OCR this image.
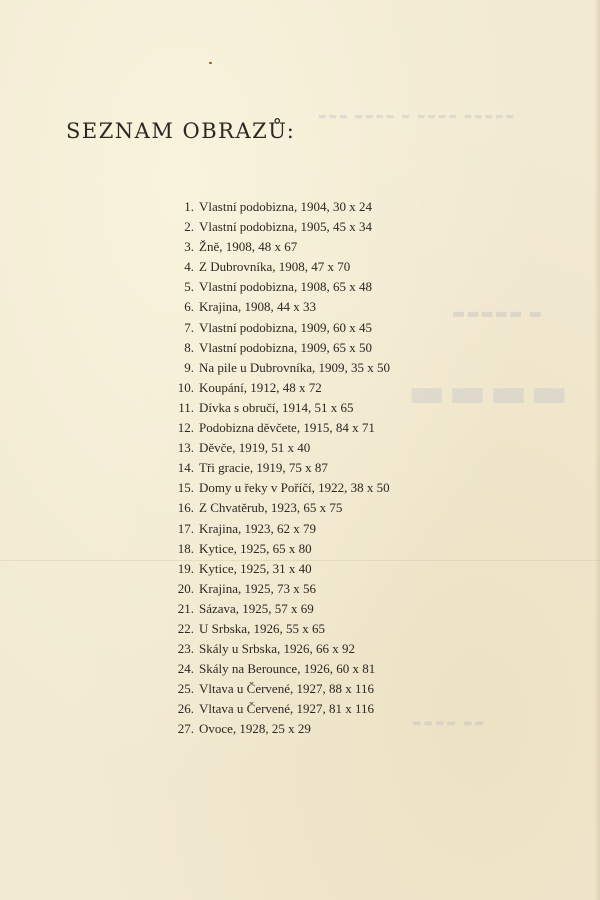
▬▬▬ ▬▬▬▬ ▬ ▬▬▬▬ ▬▬▬▬▬
▬▬▬▬▬ ▬
▬▬▬▬
▬▬▬▬ ▬▬
SEZNAM OBRAZŮ:
1. Vlastní podobizna, 1904, 30 x 24
2. Vlastní podobizna, 1905, 45 x 34
3. Žně, 1908, 48 x 67
4. Z Dubrovníka, 1908, 47 x 70
5. Vlastní podobizna, 1908, 65 x 48
6. Krajina, 1908, 44 x 33
7. Vlastní podobizna, 1909, 60 x 45
8. Vlastní podobizna, 1909, 65 x 50
9. Na pile u Dubrovníka, 1909, 35 x 50
10. Koupání, 1912, 48 x 72
11. Dívka s obručí, 1914, 51 x 65
12. Podobizna děvčete, 1915, 84 x 71
13. Děvče, 1919, 51 x 40
14. Tři gracie, 1919, 75 x 87
15. Domy u řeky v Poříčí, 1922, 38 x 50
16. Z Chvatěrub, 1923, 65 x 75
17. Krajina, 1923, 62 x 79
18. Kytice, 1925, 65 x 80
19. Kytice, 1925, 31 x 40
20. Krajina, 1925, 73 x 56
21. Sázava, 1925, 57 x 69
22. U Srbska, 1926, 55 x 65
23. Skály u Srbska, 1926, 66 x 92
24. Skály na Berounce, 1926, 60 x 81
25. Vltava u Červené, 1927, 88 x 116
26. Vltava u Červené, 1927, 81 x 116
27. Ovoce, 1928, 25 x 29
